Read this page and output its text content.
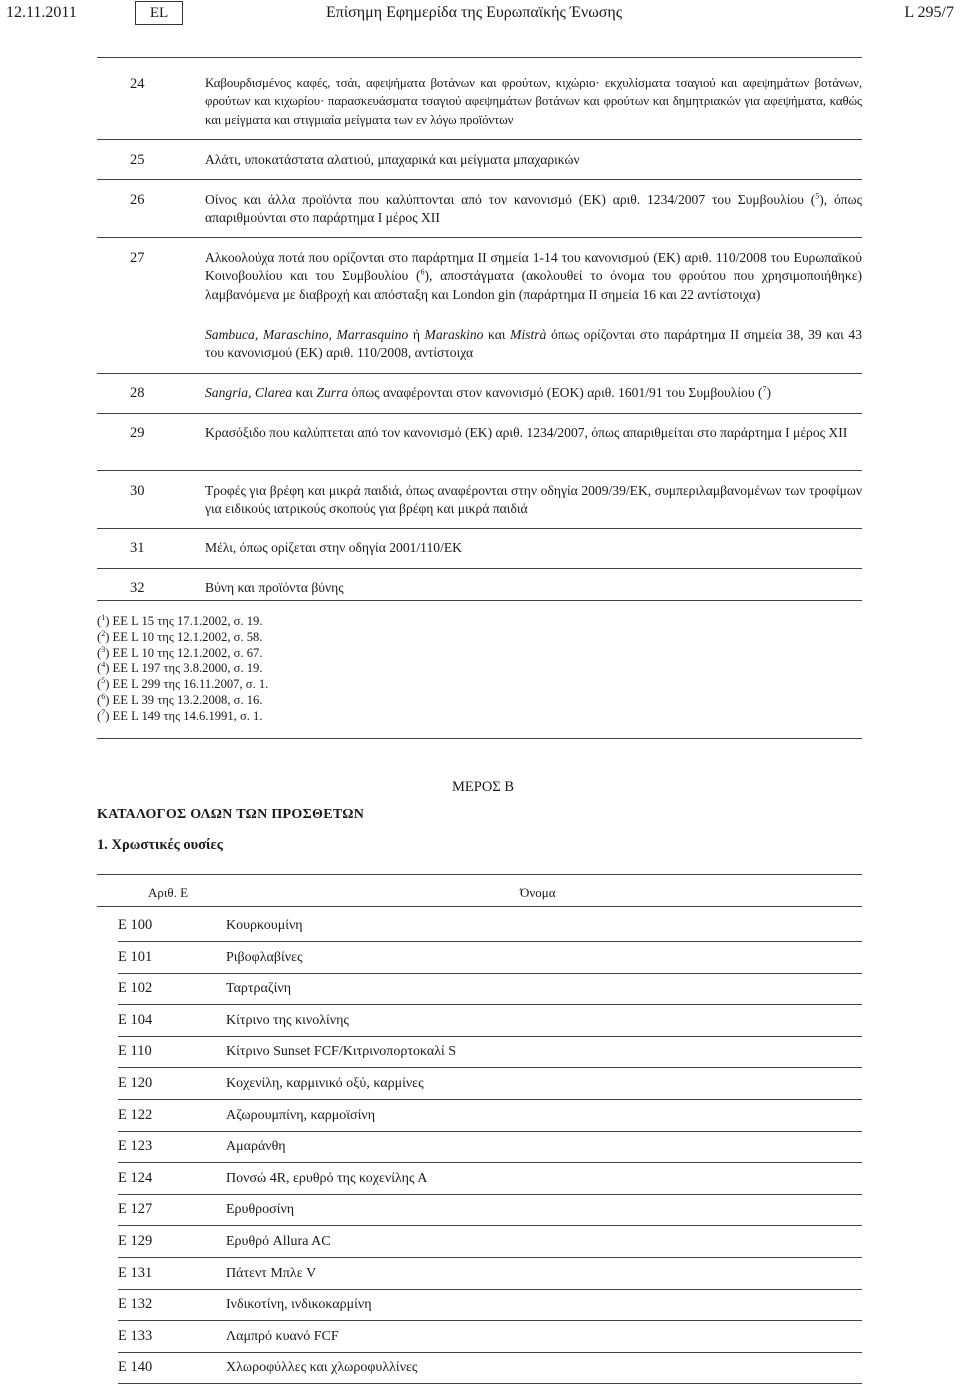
12.11.2011	EL	Επίσημη Εφημερίδα της Ευρωπαϊκής Ένωσης	L 295/7
24	Καβουρδισμένος καφές, τσάι, αφεψήματα βοτάνων και φρούτων, κιχώριο· εκχυλίσματα τσαγιού και αφεψημάτων βοτάνων, φρούτων και κιχωρίου· παρασκευάσματα τσαγιού αφεψημάτων βοτάνων και φρούτων και δημητριακών για αφεψήματα, καθώς και μείγματα και στιγμιαία μείγματα των εν λόγω προϊόντων
25	Αλάτι, υποκατάστατα αλατιού, μπαχαρικά και μείγματα μπαχαρικών
26	Οίνος και άλλα προϊόντα που καλύπτονται από τον κανονισμό (ΕΚ) αριθ. 1234/2007 του Συμβουλίου ($^5$), όπως απαριθμούνται στο παράρτημα I μέρος XII
27	Αλκοολούχα ποτά που ορίζονται στο παράρτημα II σημεία 1-14 του κανονισμού (ΕΚ) αριθ. 110/2008 του Ευρωπαϊκού Κοινοβουλίου και του Συμβουλίου ($^6$), αποστάγματα (ακολουθεί το όνομα του φρούτου που χρησιμοποιήθηκε) λαμβανόμενα με διαβροχή και απόσταξη και London gin (παράρτημα II σημεία 16 και 22 αντίστοιχα)
Sambuca, Maraschino, Marrasquino ή Maraskino και Mistrà όπως ορίζονται στο παράρτημα II σημεία 38, 39 και 43 του κανονισμού (ΕΚ) αριθ. 110/2008, αντίστοιχα
28	Sangria, Clarea και Zurra όπως αναφέρονται στον κανονισμό (ΕΟΚ) αριθ. 1601/91 του Συμβουλίου ($^7$)
29	Κρασόξιδο που καλύπτεται από τον κανονισμό (ΕΚ) αριθ. 1234/2007, όπως απαριθμείται στο παράρτημα I μέρος XII
30	Τροφές για βρέφη και μικρά παιδιά, όπως αναφέρονται στην οδηγία 2009/39/ΕΚ, συμπεριλαμβανομένων των τροφίμων για ειδικούς ιατρικούς σκοπούς για βρέφη και μικρά παιδιά
31	Μέλι, όπως ορίζεται στην οδηγία 2001/110/ΕΚ
32	Βύνη και προϊόντα βύνης
($^1$) ΕΕ L 15 της 17.1.2002, σ. 19.
($^2$) ΕΕ L 10 της 12.1.2002, σ. 58.
($^3$) ΕΕ L 10 της 12.1.2002, σ. 67.
($^4$) ΕΕ L 197 της 3.8.2000, σ. 19.
($^5$) ΕΕ L 299 της 16.11.2007, σ. 1.
($^6$) ΕΕ L 39 της 13.2.2008, σ. 16.
($^7$) ΕΕ L 149 της 14.6.1991, σ. 1.
ΜΕΡΟΣ Β
ΚΑΤΑΛΟΓΟΣ ΟΛΩΝ ΤΩΝ ΠΡΟΣΘΕΤΩΝ
1. Χρωστικές ουσίες
Αριθ. Ε	Όνομα
E 100	Κουρκουμίνη
E 101	Ριβοφλαβίνες
E 102	Ταρτραζίνη
E 104	Κίτρινο της κινολίνης
E 110	Κίτρινο Sunset FCF/Κιτρινοπορτοκαλί S
E 120	Κοχενίλη, καρμινικό οξύ, καρμίνες
E 122	Αζωρουμπίνη, καρμοϊσίνη
E 123	Αμαράνθη
E 124	Πονσώ 4R, ερυθρό της κοχενίλης Α
E 127	Ερυθροσίνη
E 129	Ερυθρό Allura AC
E 131	Πάτεντ Μπλε V
E 132	Ινδικοτίνη, ινδικοκαρμίνη
E 133	Λαμπρό κυανό FCF
E 140	Χλωροφύλλες και χλωροφυλλίνες
